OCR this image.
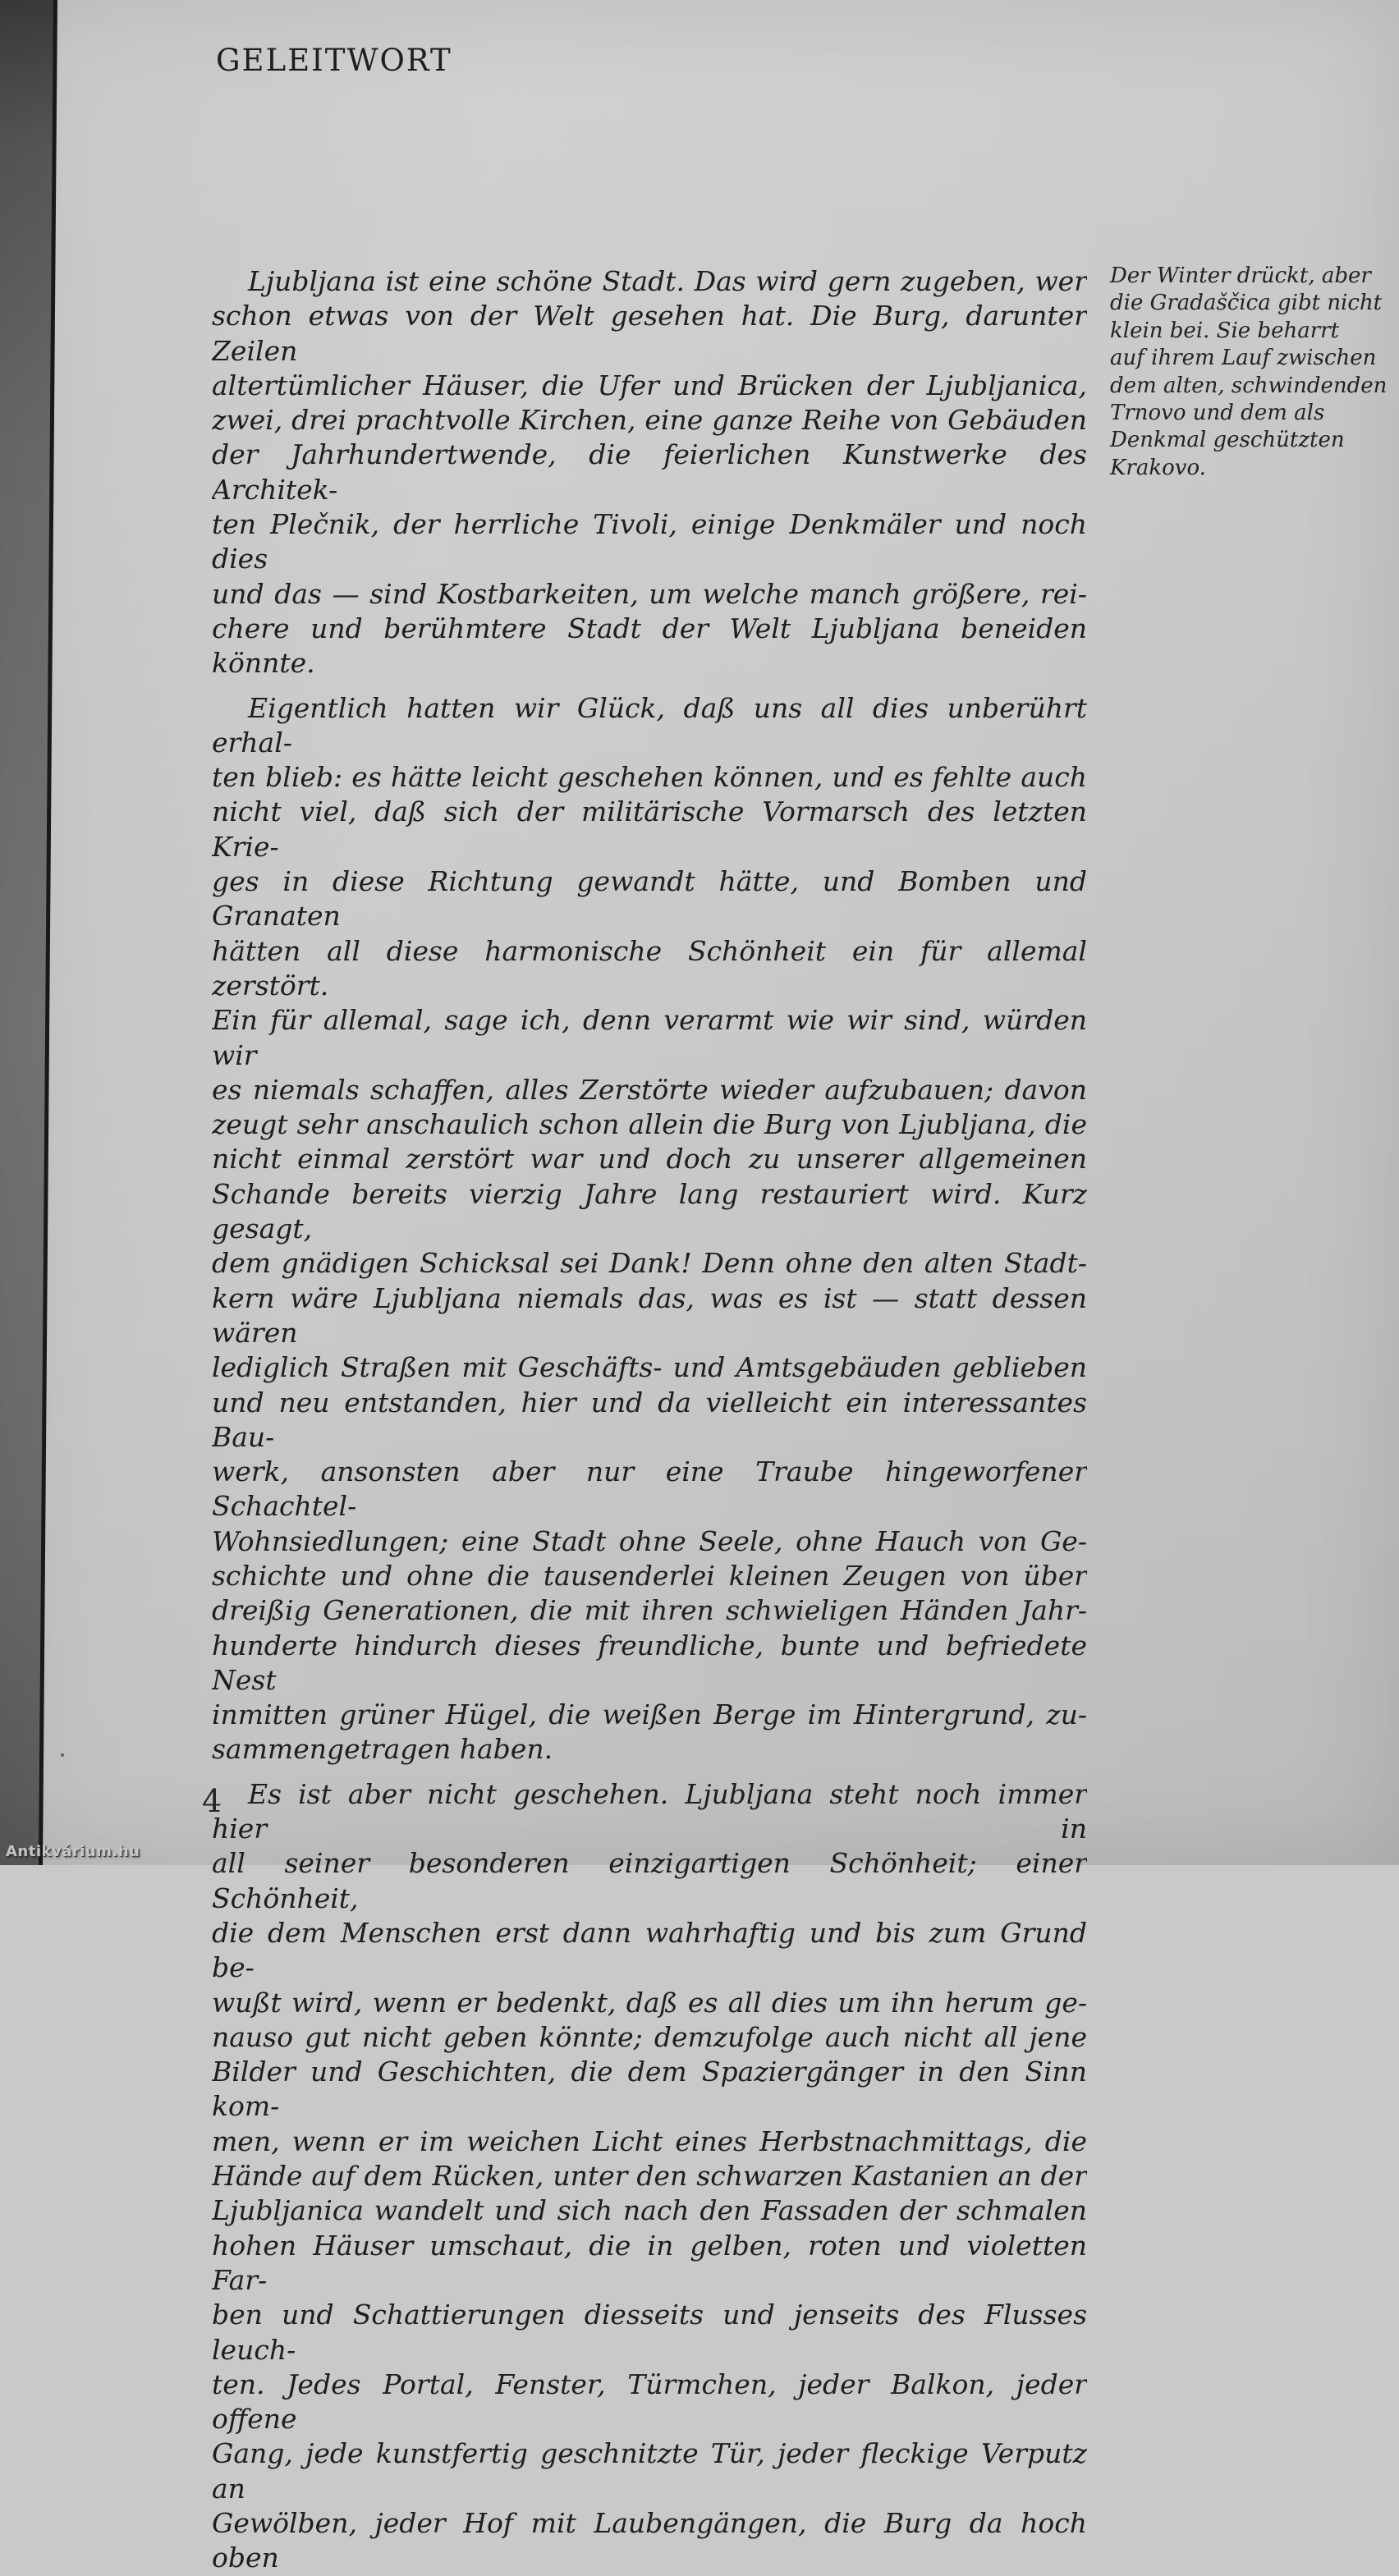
GELEITWORT
Ljubljana ist eine schöne Stadt. Das wird gern zugeben, wer
schon etwas von der Welt gesehen hat. Die Burg, darunter Zeilen
altertümlicher Häuser, die Ufer und Brücken der Ljubljanica,
zwei, drei prachtvolle Kirchen, eine ganze Reihe von Gebäuden
der Jahrhundertwende, die feierlichen Kunstwerke des Architek-
ten Plečnik, der herrliche Tivoli, einige Denkmäler und noch dies
und das — sind Kostbarkeiten, um welche manch größere, rei-
chere und berühmtere Stadt der Welt Ljubljana beneiden könnte.
Eigentlich hatten wir Glück, daß uns all dies unberührt erhal-
ten blieb: es hätte leicht geschehen können, und es fehlte auch
nicht viel, daß sich der militärische Vormarsch des letzten Krie-
ges in diese Richtung gewandt hätte, und Bomben und Granaten
hätten all diese harmonische Schönheit ein für allemal zerstört.
Ein für allemal, sage ich, denn verarmt wie wir sind, würden wir
es niemals schaffen, alles Zerstörte wieder aufzubauen; davon
zeugt sehr anschaulich schon allein die Burg von Ljubljana, die
nicht einmal zerstört war und doch zu unserer allgemeinen
Schande bereits vierzig Jahre lang restauriert wird. Kurz gesagt,
dem gnädigen Schicksal sei Dank! Denn ohne den alten Stadt-
kern wäre Ljubljana niemals das, was es ist — statt dessen wären
lediglich Straßen mit Geschäfts- und Amtsgebäuden geblieben
und neu entstanden, hier und da vielleicht ein interessantes Bau-
werk, ansonsten aber nur eine Traube hingeworfener Schachtel-
Wohnsiedlungen; eine Stadt ohne Seele, ohne Hauch von Ge-
schichte und ohne die tausenderlei kleinen Zeugen von über
dreißig Generationen, die mit ihren schwieligen Händen Jahr-
hunderte hindurch dieses freundliche, bunte und befriedete Nest
inmitten grüner Hügel, die weißen Berge im Hintergrund, zu-
sammengetragen haben.
Es ist aber nicht geschehen. Ljubljana steht noch immer hier in
all seiner besonderen einzigartigen Schönheit; einer Schönheit,
die dem Menschen erst dann wahrhaftig und bis zum Grund be-
wußt wird, wenn er bedenkt, daß es all dies um ihn herum ge-
nauso gut nicht geben könnte; demzufolge auch nicht all jene
Bilder und Geschichten, die dem Spaziergänger in den Sinn kom-
men, wenn er im weichen Licht eines Herbstnachmittags, die
Hände auf dem Rücken, unter den schwarzen Kastanien an der
Ljubljanica wandelt und sich nach den Fassaden der schmalen
hohen Häuser umschaut, die in gelben, roten und violetten Far-
ben und Schattierungen diesseits und jenseits des Flusses leuch-
ten. Jedes Portal, Fenster, Türmchen, jeder Balkon, jeder offene
Gang, jede kunstfertig geschnitzte Tür, jeder fleckige Verputz an
Gewölben, jeder Hof mit Laubengängen, die Burg da hoch oben
Der Winter drückt, aber
die Gradaščica gibt nicht
klein bei. Sie beharrt
auf ihrem Lauf zwischen
dem alten, schwindenden
Trnovo und dem als
Denkmal geschützten
Krakovo.
4
Antikvárium.hu
